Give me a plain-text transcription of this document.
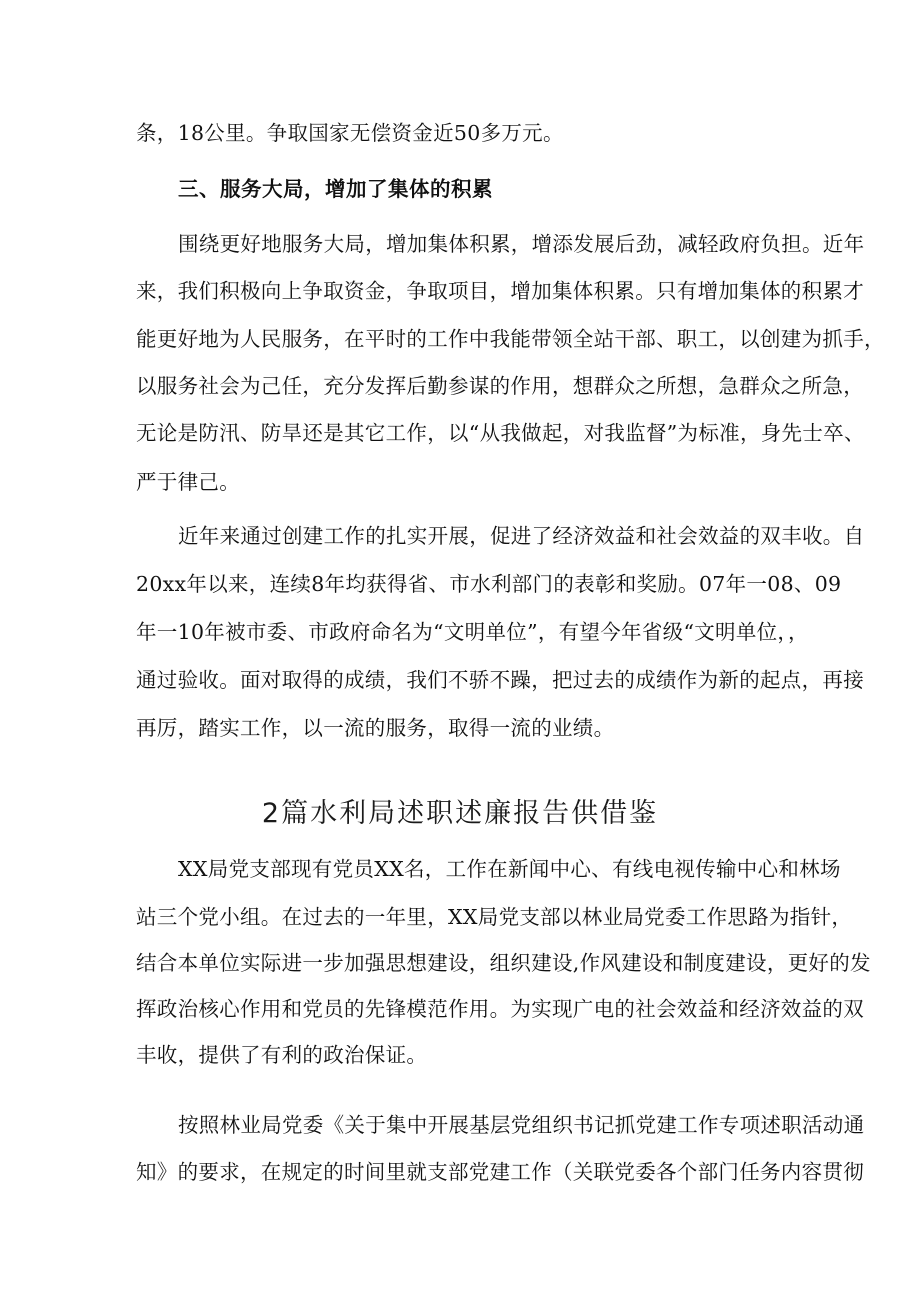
条，18公里。争取国家无偿资金近50多万元。
三、服务大局，增加了集体的积累
围绕更好地服务大局，增加集体积累，增添发展后劲，减轻政府负担。近年
来，我们积极向上争取资金，争取项目，增加集体积累。只有增加集体的积累才
能更好地为人民服务，在平时的工作中我能带领全站干部、职工，以创建为抓手，
以服务社会为己任，充分发挥后勤参谋的作用，想群众之所想，急群众之所急，
无论是防汛、防旱还是其它工作，以“从我做起，对我监督”为标准，身先士卒、
严于律己。
近年来通过创建工作的扎实开展，促进了经济效益和社会效益的双丰收。自
20xx年以来，连续8年均获得省、市水利部门的表彰和奖励。07年一08、09
年一10年被市委、市政府命名为“文明单位”，有望今年省级“文明单位，，
通过验收。面对取得的成绩，我们不骄不躁，把过去的成绩作为新的起点，再接
再厉，踏实工作，以一流的服务，取得一流的业绩。
2篇水利局述职述廉报告供借鉴
XX局党支部现有党员XX名，工作在新闻中心、有线电视传输中心和林场
站三个党小组。在过去的一年里，XX局党支部以林业局党委工作思路为指针，
结合本单位实际进一步加强思想建设，组织建设,作风建设和制度建设，更好的发
挥政治核心作用和党员的先锋模范作用。为实现广电的社会效益和经济效益的双
丰收，提供了有利的政治保证。
按照林业局党委《关于集中开展基层党组织书记抓党建工作专项述职活动通
知》的要求，在规定的时间里就支部党建工作（关联党委各个部门任务内容贯彻
